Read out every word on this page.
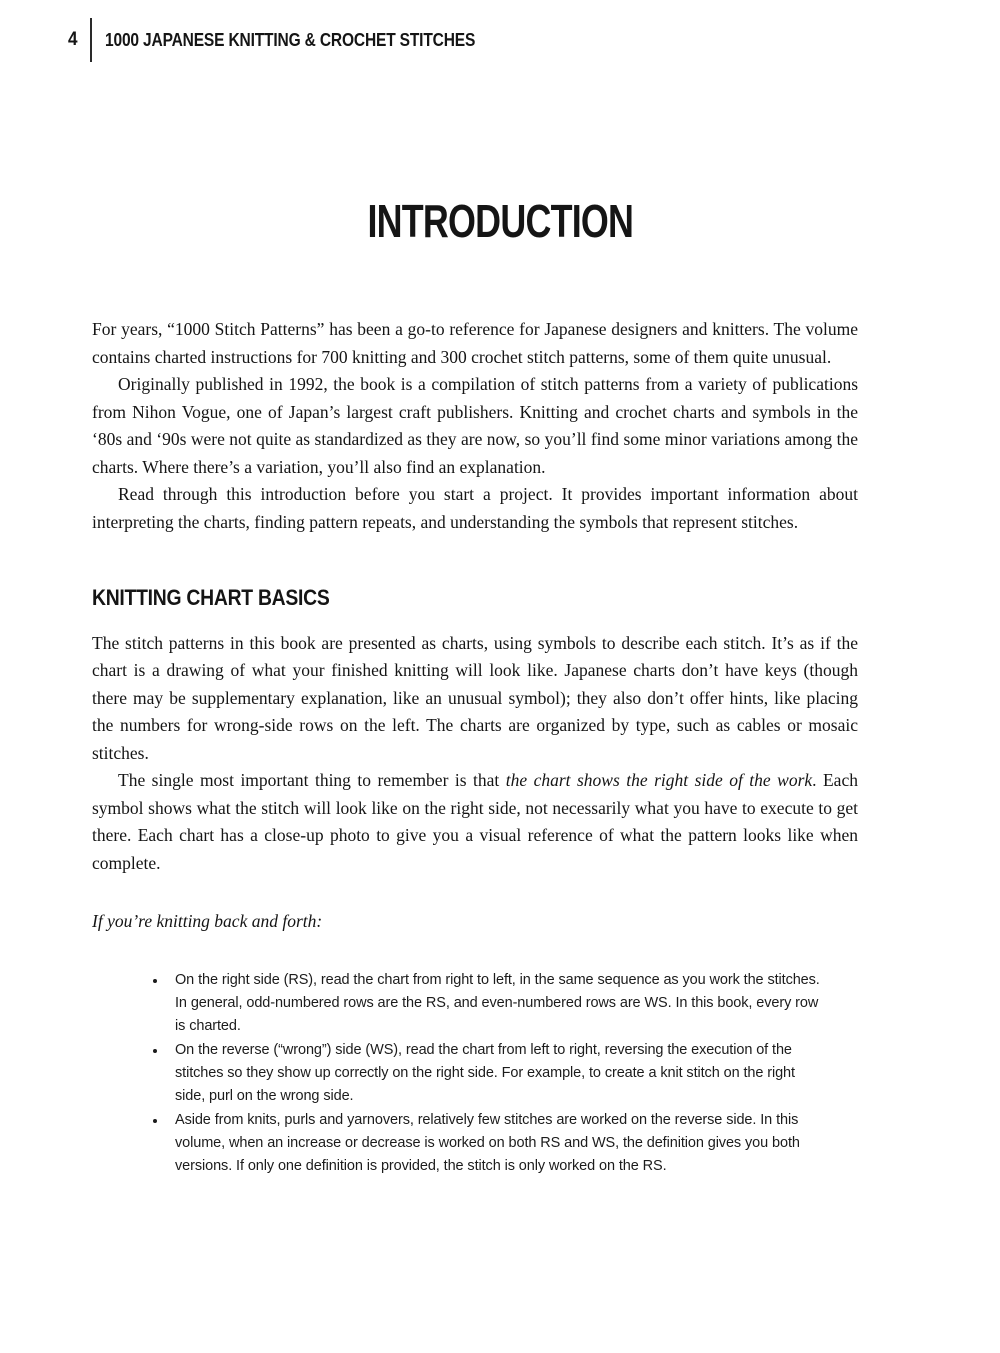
4 1000 JAPANESE KNITTING & CROCHET STITCHES
INTRODUCTION

For years, “1000 Stitch Patterns” has been a go-to reference for Japanese designers and knitters. The volume contains charted instructions for 700 knitting and 300 crochet stitch patterns, some of them quite unusual.

Originally published in 1992, the book is a compilation of stitch patterns from a variety of publications from Nihon Vogue, one of Japan’s largest craft publishers. Knitting and crochet charts and symbols in the ‘80s and ‘90s were not quite as standardized as they are now, so you’ll find some minor variations among the charts. Where there’s a variation, you’ll also find an explanation.

Read through this introduction before you start a project. It provides important information about interpreting the charts, finding pattern repeats, and understanding the symbols that represent stitches.

KNITTING CHART BASICS

The stitch patterns in this book are presented as charts, using symbols to describe each stitch. It’s as if the chart is a drawing of what your finished knitting will look like. Japanese charts don’t have keys (though there may be supplementary explanation, like an unusual symbol); they also don’t offer hints, like placing the numbers for wrong-side rows on the left. The charts are organized by type, such as cables or mosaic stitches.

The single most important thing to remember is that the chart shows the right side of the work. Each symbol shows what the stitch will look like on the right side, not necessarily what you have to execute to get there. Each chart has a close-up photo to give you a visual reference of what the pattern looks like when complete.

If you’re knitting back and forth:

• On the right side (RS), read the chart from right to left, in the same sequence as you work the stitches. In general, odd-numbered rows are the RS, and even-numbered rows are WS. In this book, every row is charted.
• On the reverse (“wrong”) side (WS), read the chart from left to right, reversing the execution of the stitches so they show up correctly on the right side. For example, to create a knit stitch on the right side, purl on the wrong side.
• Aside from knits, purls and yarnovers, relatively few stitches are worked on the reverse side. In this volume, when an increase or decrease is worked on both RS and WS, the definition gives you both versions. If only one definition is provided, the stitch is only worked on the RS.
